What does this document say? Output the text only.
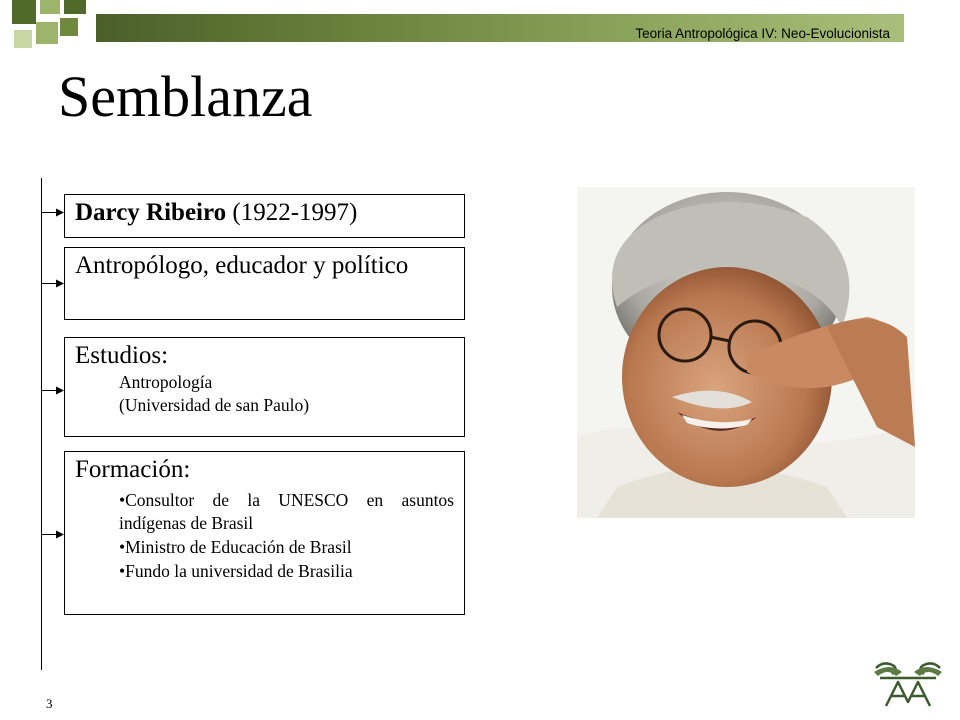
Teoria Antropológica IV: Neo-Evolucionista
Semblanza
Darcy Ribeiro (1922-1997)
Antropólogo, educador y político
Estudios:
Antropología
(Universidad de san Paulo)
Formación:
•Consultor de la UNESCO en asuntos indígenas de Brasil
•Ministro de Educación de Brasil
•Fundo la universidad de Brasilia
3
